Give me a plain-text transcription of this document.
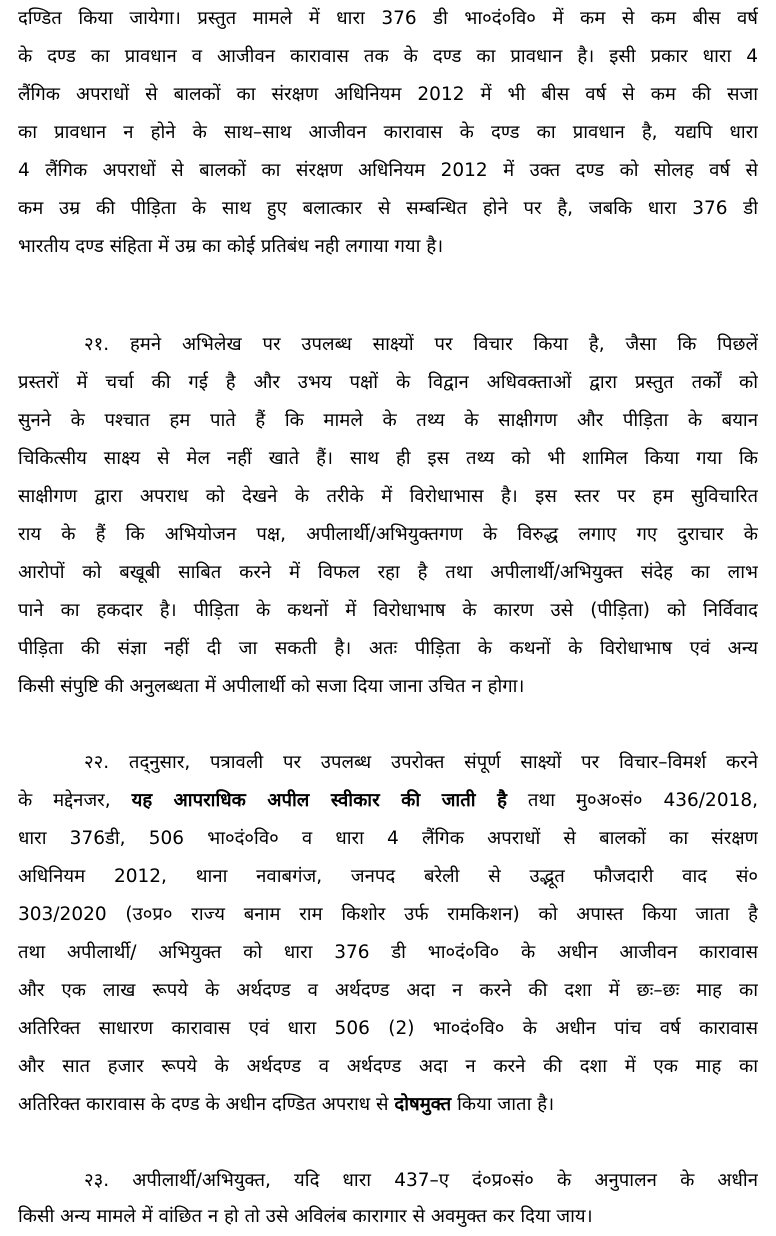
दण्डित किया जायेगा। प्रस्तुत मामले में धारा 376 डी भा०दं०वि० में कम से कम बीस वर्ष
के दण्ड का प्रावधान व आजीवन कारावास तक के दण्ड का प्रावधान है। इसी प्रकार धारा 4
लैंगिक अपराधों से बालकों का संरक्षण अधिनियम 2012 में भी बीस वर्ष से कम की सजा
का प्रावधान न होने के साथ–साथ आजीवन कारावास के दण्ड का प्रावधान है, यद्यपि धारा
4 लैंगिक अपराधों से बालकों का संरक्षण अधिनियम 2012 में उक्त दण्ड को सोलह वर्ष से
कम उम्र की पीड़िता के साथ हुए बलात्कार से सम्बन्धित होने पर है, जबकि धारा 376 डी
भारतीय दण्ड संहिता में उम्र का कोई प्रतिबंध नही लगाया गया है।
२१. हमने अभिलेख पर उपलब्ध साक्ष्यों पर विचार किया है, जैसा कि पिछलें
प्रस्तरों में चर्चा की गई है और उभय पक्षों के विद्वान अधिवक्ताओं द्वारा प्रस्तुत तर्कों को
सुनने के पश्चात हम पाते हैं कि मामले के तथ्य के साक्षीगण और पीड़िता के बयान
चिकित्सीय साक्ष्य से मेल नहीं खाते हैं। साथ ही इस तथ्य को भी शामिल किया गया कि
साक्षीगण द्वारा अपराध को देखने के तरीके में विरोधाभास है। इस स्तर पर हम सुविचारित
राय के हैं कि अभियोजन पक्ष, अपीलार्थी/अभियुक्तगण के विरुद्ध लगाए गए दुराचार के
आरोपों को बखूबी साबित करने में विफल रहा है तथा अपीलार्थी/अभियुक्त संदेह का लाभ
पाने का हकदार है। पीड़िता के कथनों में विरोधाभाष के कारण उसे (पीड़िता) को निर्विवाद
पीड़िता की संज्ञा नहीं दी जा सकती है। अतः पीड़िता के कथनों के विरोधाभाष एवं अन्य
किसी संपुष्टि की अनुलब्धता में अपीलार्थी को सजा दिया जाना उचित न होगा।
२२. तद्नुसार, पत्रावली पर उपलब्ध उपरोक्त संपूर्ण साक्ष्यों पर विचार–विमर्श करने
के मद्देनजर, यह आपराधिक अपील स्वीकार की जाती है तथा मु०अ०सं० 436/2018,
धारा 376डी, 506 भा०दं०वि० व धारा 4 लैंगिक अपराधों से बालकों का संरक्षण
अधिनियम 2012, थाना नवाबगंज, जनपद बरेली से उद्भूत फौजदारी वाद सं०
303/2020 (उ०प्र० राज्य बनाम राम किशोर उर्फ रामकिशन) को अपास्त किया जाता है
तथा अपीलार्थी/ अभियुक्त को धारा 376 डी भा०दं०वि० के अधीन आजीवन कारावास
और एक लाख रूपये के अर्थदण्ड व अर्थदण्ड अदा न करने की दशा में छः–छः माह का
अतिरिक्त साधारण कारावास एवं धारा 506 (2) भा०दं०वि० के अधीन पांच वर्ष कारावास
और सात हजार रूपये के अर्थदण्ड व अर्थदण्ड अदा न करने की दशा में एक माह का
अतिरिक्त कारावास के दण्ड के अधीन दण्डित अपराध से दोषमुक्त किया जाता है।
२३. अपीलार्थी/अभियुक्त, यदि धारा 437–ए दं०प्र०सं० के अनुपालन के अधीन
किसी अन्य मामले में वांछित न हो तो उसे अविलंब कारागार से अवमुक्त कर दिया जाय।
